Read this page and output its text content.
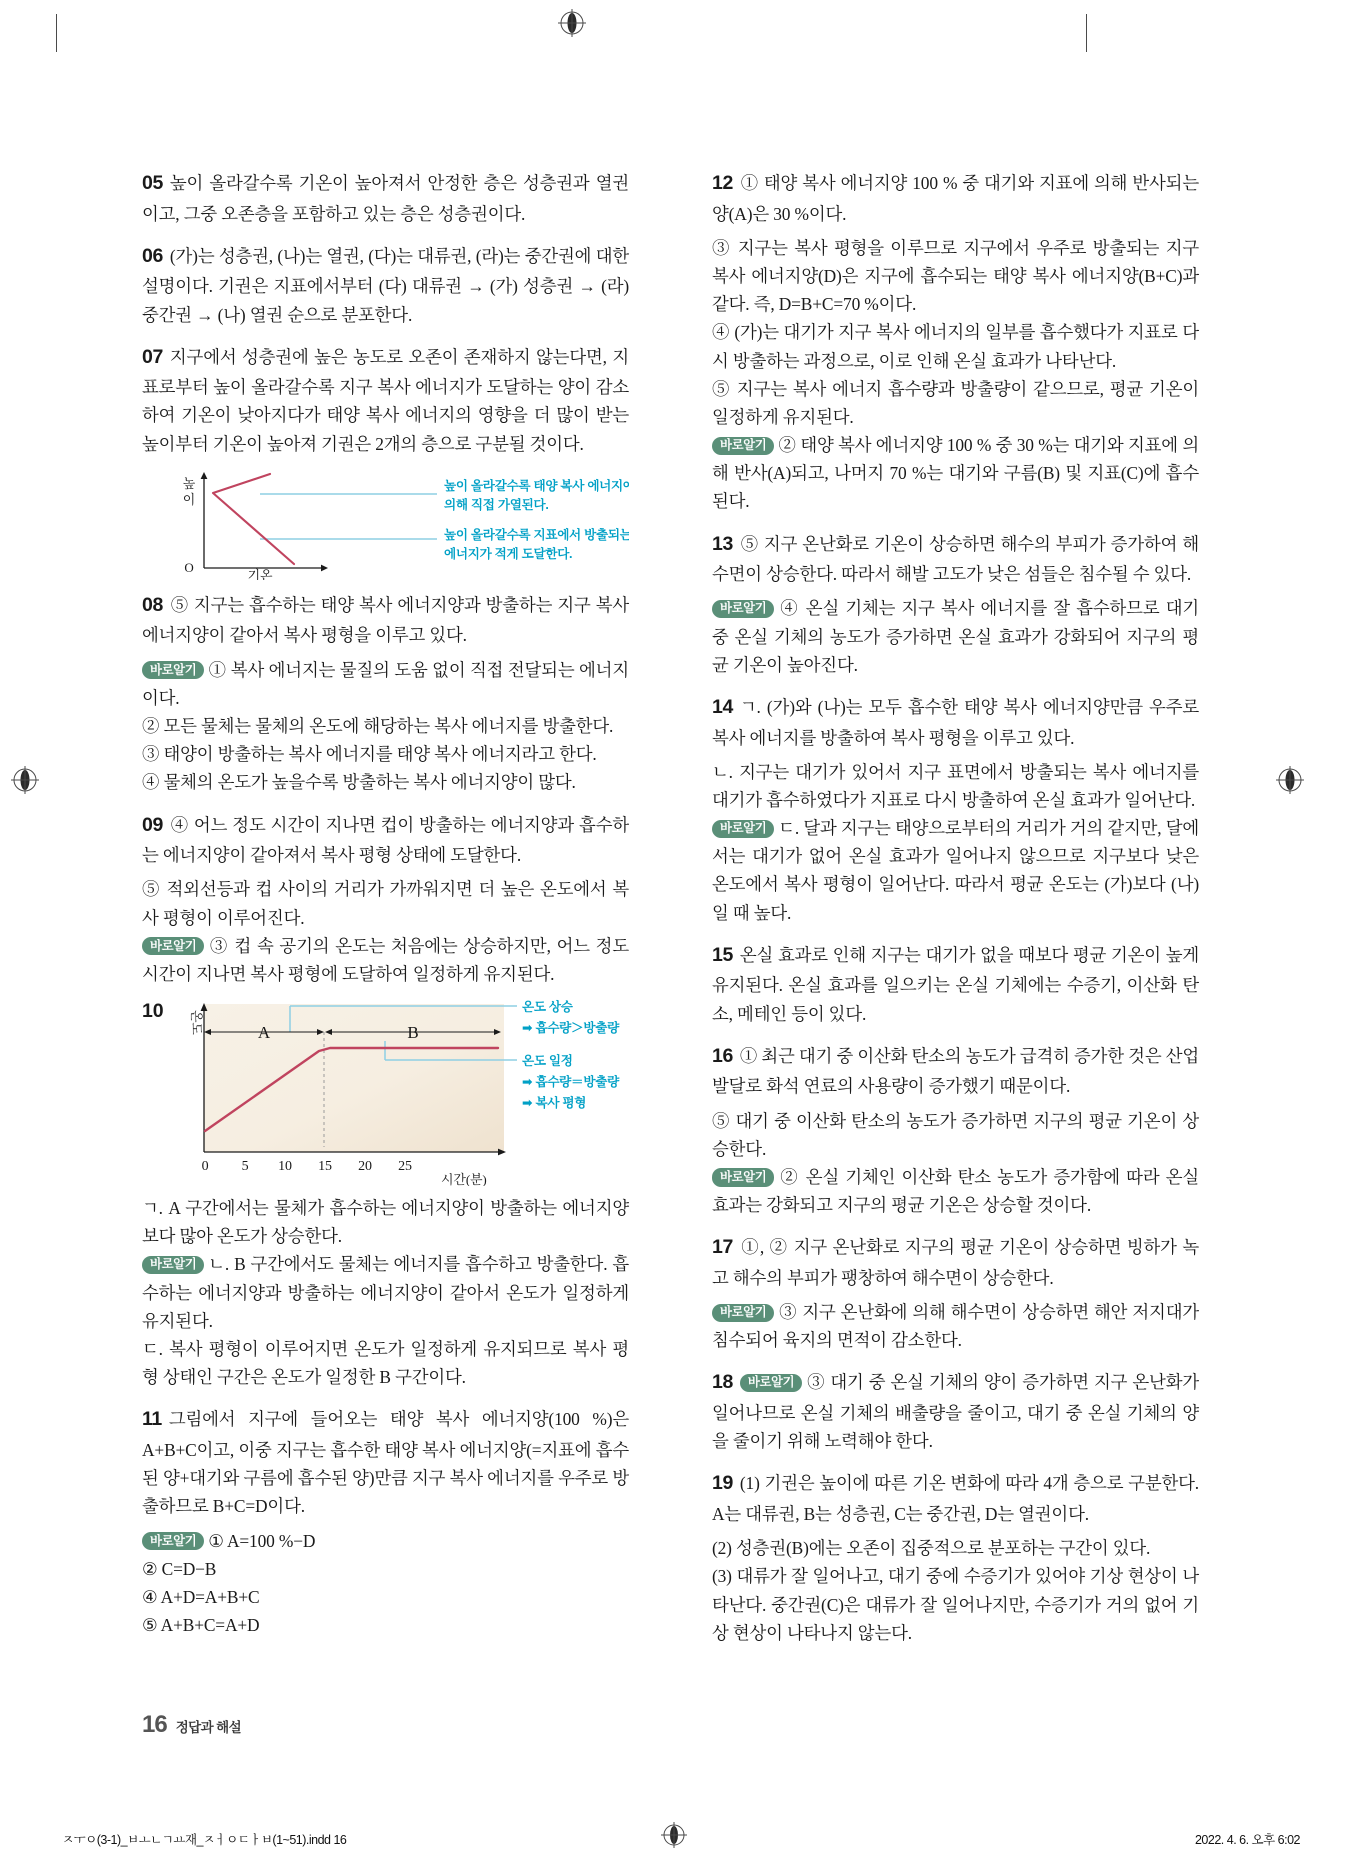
05 높이 올라갈수록 기온이 높아져서 안정한 층은 성층권과 열권이고, 그중 오존층을 포함하고 있는 층은 성층권이다.

06 (가)는 성층권, (나)는 열권, (다)는 대류권, (라)는 중간권에 대한 설명이다. 기권은 지표에서부터 (다) 대류권 → (가) 성층권 → (라) 중간권 → (나) 열권 순으로 분포한다.

07 지구에서 성층권에 높은 농도로 오존이 존재하지 않는다면, 지표로부터 높이 올라갈수록 지구 복사 에너지가 도달하는 양이 감소하여 기온이 낮아지다가 태양 복사 에너지의 영향을 더 많이 받는 높이부터 기온이 높아져 기권은 2개의 층으로 구분될 것이다.

높
이
O
기온
높이 올라갈수록 태양 복사 에너지에
의해 직접 가열된다.
높이 올라갈수록 지표에서 방출되는
에너지가 적게 도달한다.

08 ⑤ 지구는 흡수하는 태양 복사 에너지양과 방출하는 지구 복사 에너지양이 같아서 복사 평형을 이루고 있다.

바로알기 ① 복사 에너지는 물질의 도움 없이 직접 전달되는 에너지이다.

② 모든 물체는 물체의 온도에 해당하는 복사 에너지를 방출한다.

③ 태양이 방출하는 복사 에너지를 태양 복사 에너지라고 한다.

④ 물체의 온도가 높을수록 방출하는 복사 에너지양이 많다.

09 ④ 어느 정도 시간이 지나면 컵이 방출하는 에너지양과 흡수하는 에너지양이 같아져서 복사 평형 상태에 도달한다.

⑤ 적외선등과 컵 사이의 거리가 가까워지면 더 높은 온도에서 복사 평형이 이루어진다.

바로알기 ③ 컵 속 공기의 온도는 처음에는 상승하지만, 어느 정도 시간이 지나면 복사 평형에 도달하여 일정하게 유지된다.

10
A	B
온도
0 5 10 15 20 25
시간(분)
온도 상승
➡ 흡수량＞방출량
온도 일정
➡ 흡수량＝방출량
➡ 복사 평형

ㄱ. A 구간에서는 물체가 흡수하는 에너지양이 방출하는 에너지양보다 많아 온도가 상승한다.

바로알기 ㄴ. B 구간에서도 물체는 에너지를 흡수하고 방출한다. 흡수하는 에너지양과 방출하는 에너지양이 같아서 온도가 일정하게 유지된다.

ㄷ. 복사 평형이 이루어지면 온도가 일정하게 유지되므로 복사 평형 상태인 구간은 온도가 일정한 B 구간이다.

11 그림에서 지구에 들어오는 태양 복사 에너지양(100 %)은 A+B+C이고, 이중 지구는 흡수한 태양 복사 에너지양(=지표에 흡수된 양+대기와 구름에 흡수된 양)만큼 지구 복사 에너지를 우주로 방출하므로 B+C=D이다.

바로알기 ① A=100 %−D

② C=D−B

④ A+D=A+B+C

⑤ A+B+C=A+D

12 ① 태양 복사 에너지양 100 % 중 대기와 지표에 의해 반사되는 양(A)은 30 %이다.

③ 지구는 복사 평형을 이루므로 지구에서 우주로 방출되는 지구 복사 에너지양(D)은 지구에 흡수되는 태양 복사 에너지양(B+C)과 같다. 즉, D=B+C=70 %이다.

④ (가)는 대기가 지구 복사 에너지의 일부를 흡수했다가 지표로 다시 방출하는 과정으로, 이로 인해 온실 효과가 나타난다.

⑤ 지구는 복사 에너지 흡수량과 방출량이 같으므로, 평균 기온이 일정하게 유지된다.

바로알기 ② 태양 복사 에너지양 100 % 중 30 %는 대기와 지표에 의해 반사(A)되고, 나머지 70 %는 대기와 구름(B) 및 지표(C)에 흡수된다.

13 ⑤ 지구 온난화로 기온이 상승하면 해수의 부피가 증가하여 해수면이 상승한다. 따라서 해발 고도가 낮은 섬들은 침수될 수 있다.

바로알기 ④ 온실 기체는 지구 복사 에너지를 잘 흡수하므로 대기 중 온실 기체의 농도가 증가하면 온실 효과가 강화되어 지구의 평균 기온이 높아진다.

14 ㄱ. (가)와 (나)는 모두 흡수한 태양 복사 에너지양만큼 우주로 복사 에너지를 방출하여 복사 평형을 이루고 있다.

ㄴ. 지구는 대기가 있어서 지구 표면에서 방출되는 복사 에너지를 대기가 흡수하였다가 지표로 다시 방출하여 온실 효과가 일어난다.

바로알기 ㄷ. 달과 지구는 태양으로부터의 거리가 거의 같지만, 달에서는 대기가 없어 온실 효과가 일어나지 않으므로 지구보다 낮은 온도에서 복사 평형이 일어난다. 따라서 평균 온도는 (가)보다 (나)일 때 높다.

15 온실 효과로 인해 지구는 대기가 없을 때보다 평균 기온이 높게 유지된다. 온실 효과를 일으키는 온실 기체에는 수증기, 이산화 탄소, 메테인 등이 있다.

16 ① 최근 대기 중 이산화 탄소의 농도가 급격히 증가한 것은 산업 발달로 화석 연료의 사용량이 증가했기 때문이다.

⑤ 대기 중 이산화 탄소의 농도가 증가하면 지구의 평균 기온이 상승한다.

바로알기 ② 온실 기체인 이산화 탄소 농도가 증가함에 따라 온실 효과는 강화되고 지구의 평균 기온은 상승할 것이다.

17 ①, ② 지구 온난화로 지구의 평균 기온이 상승하면 빙하가 녹고 해수의 부피가 팽창하여 해수면이 상승한다.

바로알기 ③ 지구 온난화에 의해 해수면이 상승하면 해안 저지대가 침수되어 육지의 면적이 감소한다.

18 바로알기 ③ 대기 중 온실 기체의 양이 증가하면 지구 온난화가 일어나므로 온실 기체의 배출량을 줄이고, 대기 중 온실 기체의 양을 줄이기 위해 노력해야 한다.

19 (1) 기권은 높이에 따른 기온 변화에 따라 4개 층으로 구분한다. A는 대류권, B는 성층권, C는 중간권, D는 열권이다.

(2) 성층권(B)에는 오존이 집중적으로 분포하는 구간이 있다.

(3) 대류가 잘 일어나고, 대기 중에 수증기가 있어야 기상 현상이 나타난다. 중간권(C)은 대류가 잘 일어나지만, 수증기가 거의 없어 기상 현상이 나타나지 않는다.

16 정답과 해설
ㅈㅜㅇ(3-1)_ㅂㅗㄴㄱㅛ재_ㅈㅓㅇㄷㅏㅂ(1~51).indd 16	2022. 4. 6. 오후 6:02
